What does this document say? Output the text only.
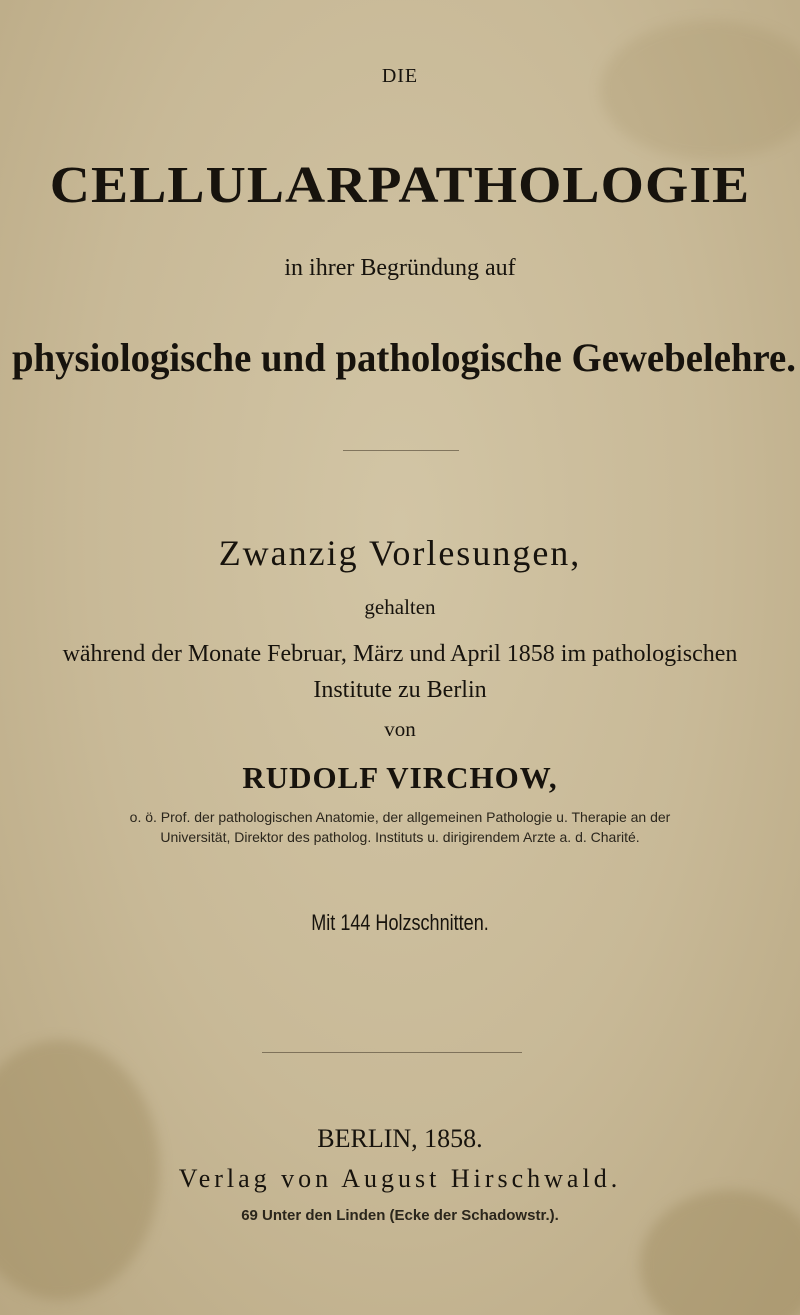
DIE
CELLULARPATHOLOGIE
in ihrer Begründung auf
physiologische und pathologische Gewebelehre.
Zwanzig Vorlesungen,
gehalten
während der Monate Februar, März und April 1858 im pathologischen
Institute zu Berlin
von
RUDOLF VIRCHOW,
o. ö. Prof. der pathologischen Anatomie, der allgemeinen Pathologie u. Therapie an der
Universität, Direktor des patholog. Instituts u. dirigirendem Arzte a. d. Charité.
Mit 144 Holzschnitten.
BERLIN, 1858.
Verlag von August Hirschwald.
69 Unter den Linden (Ecke der Schadowstr.).
